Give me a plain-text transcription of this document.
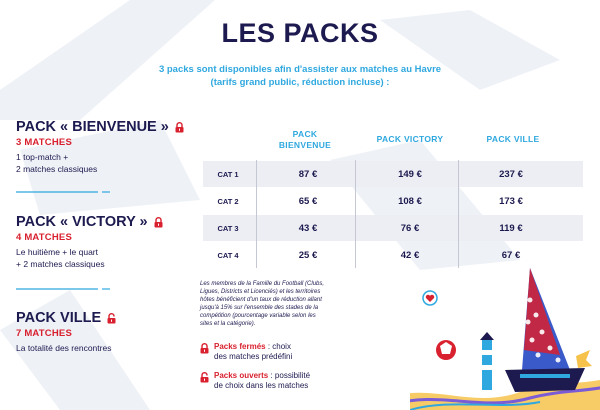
LES PACKS
3 packs sont disponibles afin d'assister aux matches au Havre
(tarifs grand public, réduction incluse) :
PACK « BIENVENUE »
3 MATCHES
1 top-match +
2 matches classiques
PACK « VICTORY »
4 MATCHES
Le huitième + le quart
+ 2 matches classiques
PACK VILLE
7 MATCHES
La totalité des rencontres
PACK
BIENVENUE
PACK VICTORY	PACK VILLE
CAT 1	87 €	149 €	237 €
CAT 2	65 €	108 €	173 €
CAT 3	43 €	76 €	119 €
CAT 4	25 €	42 €	67 €
Les membres de la Famille du Football (Clubs,
Ligues, Districts et Licenciés) et les territoires
hôtes bénéficient d'un taux de réduction allant
jusqu'à 15% sur l'ensemble des stades de la
compétition (pourcentage variable selon les
sites et la catégorie).
Packs fermés : choix
des matches prédéfini
Packs ouverts : possibilité
de choix dans les matches
